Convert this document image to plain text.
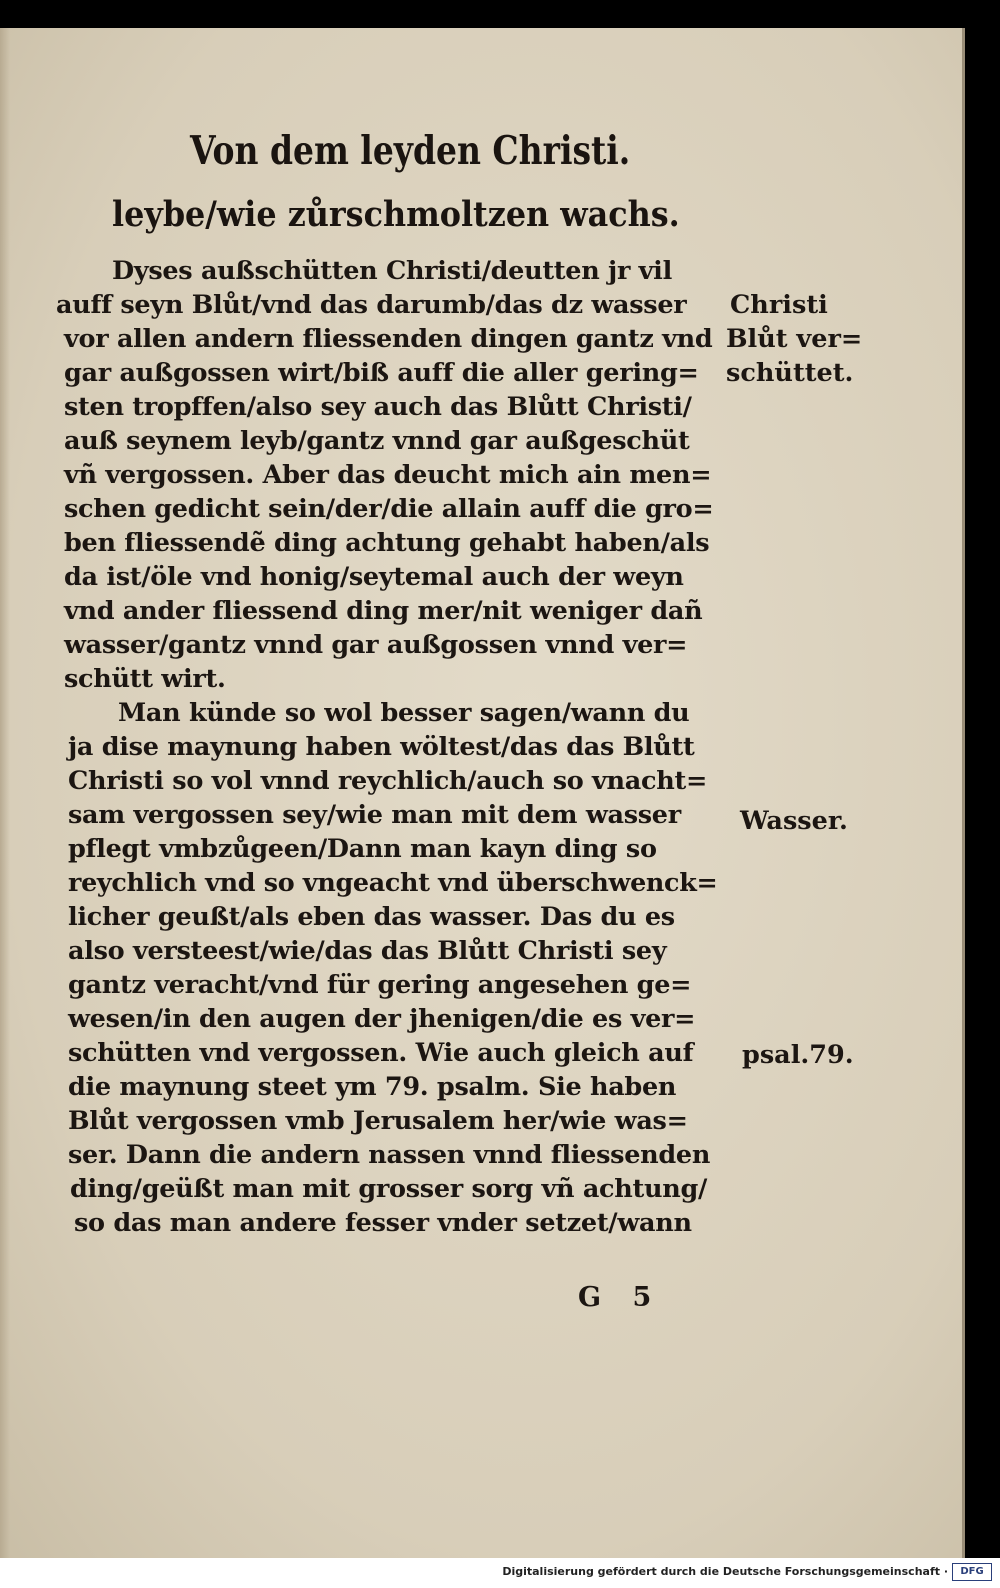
Von dem leyden Christi.
leybe/wie zůrschmoltzen wachs.
Dyses außschütten Christi/deutten jr vil
auff seyn Blůt/vnd das darumb/das dz wasser
vor allen andern fliessenden dingen gantz vnd
gar außgossen wirt/biß auff die aller gering=
sten tropffen/also sey auch das Blůtt Christi/
auß seynem leyb/gantz vnnd gar außgeschüt
vñ vergossen. Aber das deucht mich ain men=
schen gedicht sein/der/die allain auff die gro=
ben fliessendẽ ding achtung gehabt haben/als
da ist/öle vnd honig/seytemal auch der weyn
vnd ander fliessend ding mer/nit weniger dañ
wasser/gantz vnnd gar außgossen vnnd ver=
schütt wirt.
Man künde so wol besser sagen/wann du
ja dise maynung haben wöltest/das das Blůtt
Christi so vol vnnd reychlich/auch so vnacht=
sam vergossen sey/wie man mit dem wasser
pflegt vmbzůgeen/Dann man kayn ding so
reychlich vnd so vngeacht vnd überschwenck=
licher geußt/als eben das wasser. Das du es
also versteest/wie/das das Blůtt Christi sey
gantz veracht/vnd für gering angesehen ge=
wesen/in den augen der jhenigen/die es ver=
schütten vnd vergossen. Wie auch gleich auf
die maynung steet ym 79. psalm. Sie haben
Blůt vergossen vmb Jerusalem her/wie was=
ser. Dann die andern nassen vnnd fliessenden
ding/geüßt man mit grosser sorg vñ achtung/
so das man andere fesser vnder setzet/wann
Christi
Blůt ver=
schüttet.
Wasser.
psal.79.
G 5
Digitalisierung gefördert durch die Deutsche Forschungsgemeinschaft ·	DFG
